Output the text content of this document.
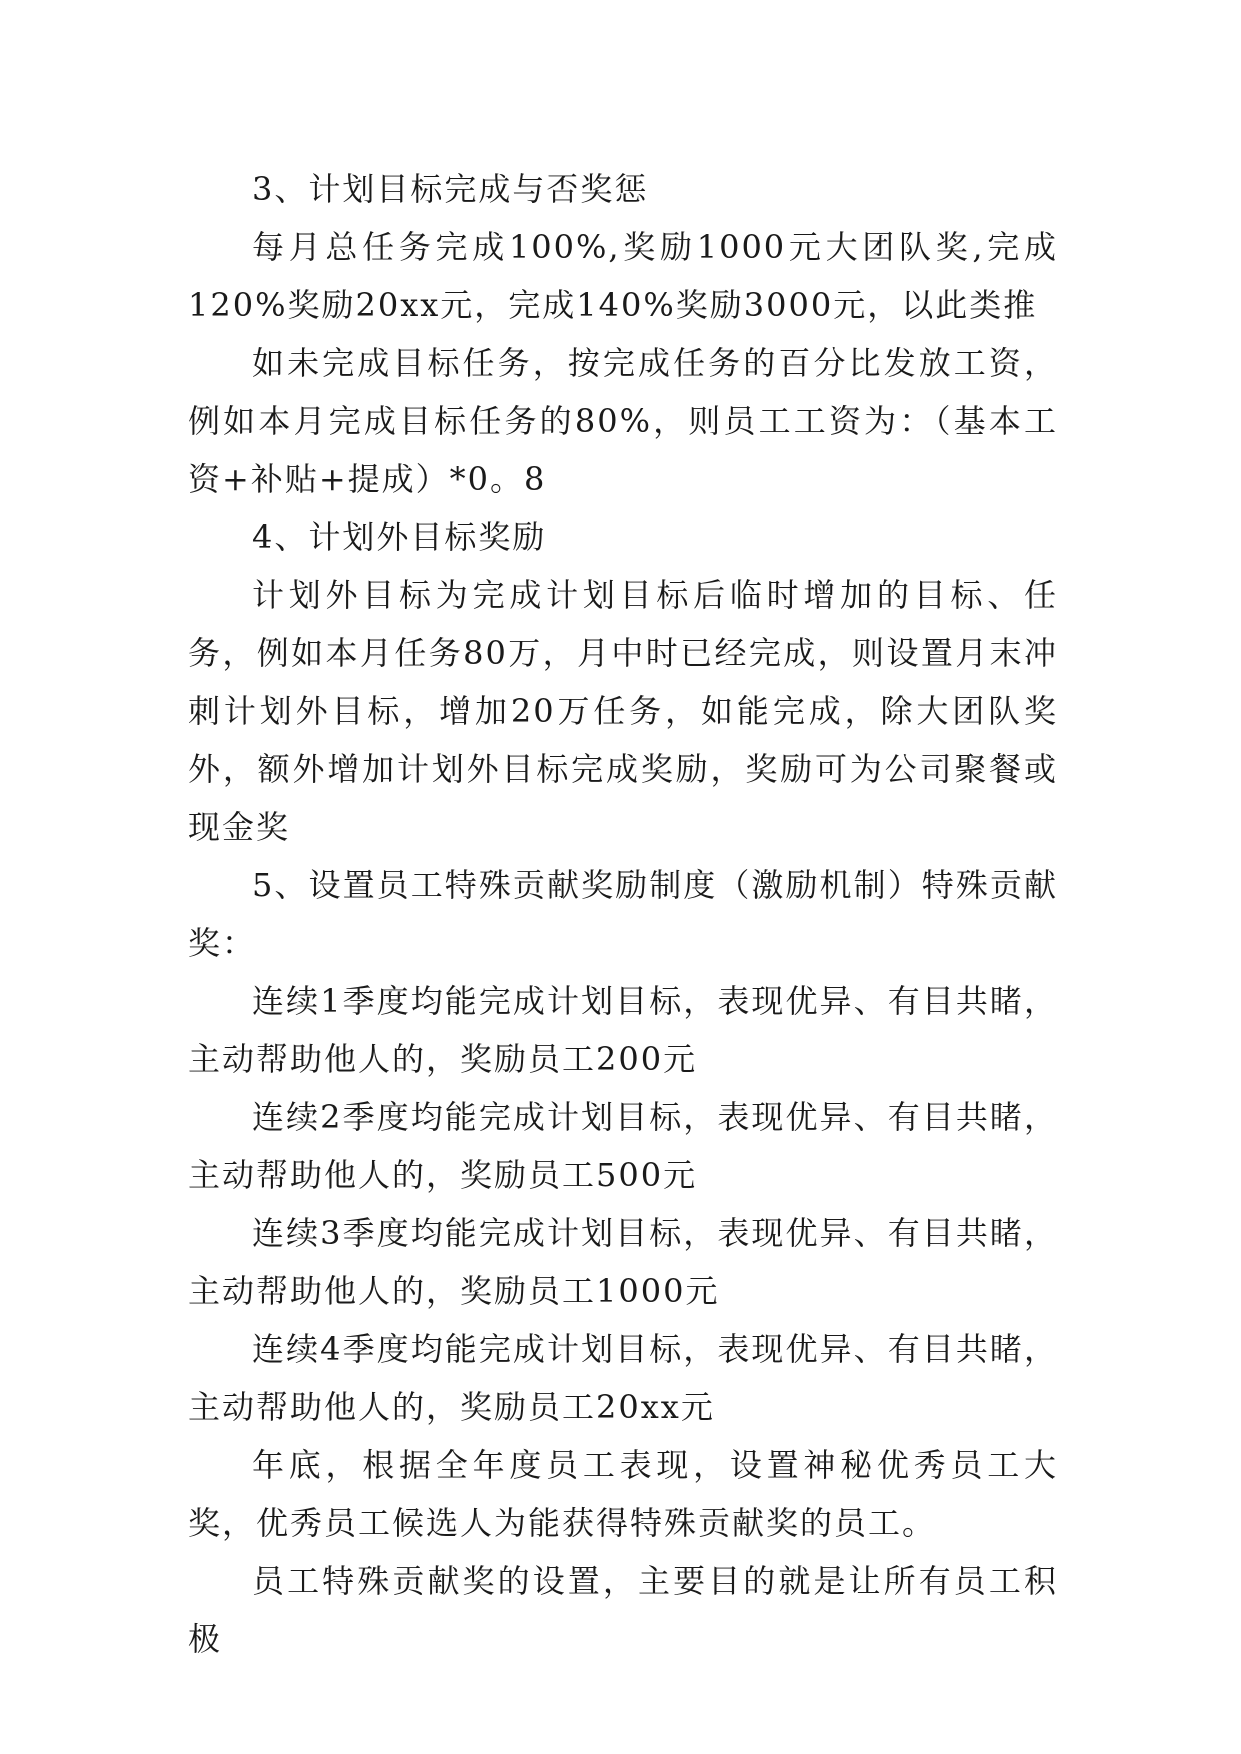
3、计划目标完成与否奖惩

每月总任务完成100%,奖励1000元大团队奖,完成120%奖励20xx元，完成140%奖励3000元，以此类推

如未完成目标任务，按完成任务的百分比发放工资，例如本月完成目标任务的80%，则员工工资为：（基本工资+补贴+提成）*0。8

4、计划外目标奖励

计划外目标为完成计划目标后临时增加的目标、任务，例如本月任务80万，月中时已经完成，则设置月末冲刺计划外目标，增加20万任务，如能完成，除大团队奖外，额外增加计划外目标完成奖励，奖励可为公司聚餐或现金奖

5、设置员工特殊贡献奖励制度（激励机制）特殊贡献奖：

连续1季度均能完成计划目标，表现优异、有目共睹，主动帮助他人的，奖励员工200元

连续2季度均能完成计划目标，表现优异、有目共睹，主动帮助他人的，奖励员工500元

连续3季度均能完成计划目标，表现优异、有目共睹，主动帮助他人的，奖励员工1000元

连续4季度均能完成计划目标，表现优异、有目共睹，主动帮助他人的，奖励员工20xx元

年底，根据全年度员工表现，设置神秘优秀员工大奖，优秀员工候选人为能获得特殊贡献奖的员工。

员工特殊贡献奖的设置，主要目的就是让所有员工积极
